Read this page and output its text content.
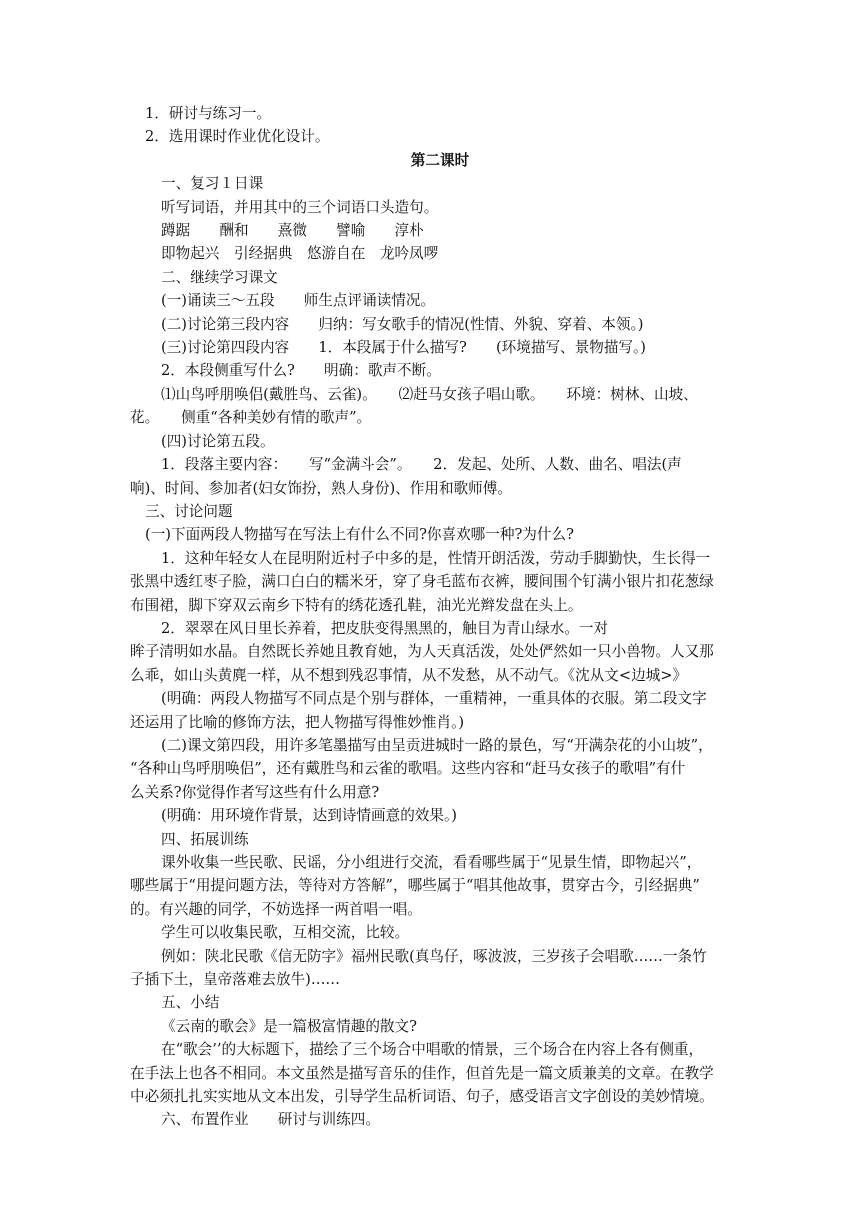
1．研讨与练习一。

2．选用课时作业优化设计。

第二课时

一、复习１日课

听写词语，并用其中的三个词语口头造句。

蹲踞　　酬和　　熹微　　譬喻　　淳朴

即物起兴　引经据典　悠游自在　龙吟凤啰

二、继续学习课文

(一)诵读三～五段　　师生点评诵读情况。

(二)讨论第三段内容　　归纳：写女歌手的情况(性情、外貌、穿着、本领。)

(三)讨论第四段内容　　1．本段属于什么描写?　　(环境描写、景物描写。)

2．本段侧重写什么?　　明确：歌声不断。

⑴山鸟呼朋唤侣(戴胜鸟、云雀)。　　⑵赶马女孩子唱山歌。　　环境：树林、山坡、

花。　　侧重“各种美妙有情的歌声”。

(四)讨论第五段。

1．段落主要内容：　　写“金满斗会”。　　2．发起、处所、人数、曲名、唱法(声

响)、时间、参加者(妇女饰扮，熟人身份)、作用和歌师傅。

三、讨论问题

(一)下面两段人物描写在写法上有什么不同?你喜欢哪一种?为什么?

1．这种年轻女人在昆明附近村子中多的是，性情开朗活泼，劳动手脚勤快，生长得一

张黑中透红枣子脸，满口白白的糯米牙，穿了身毛蓝布衣裤，腰间围个钉满小银片扣花葱绿

布围裙，脚下穿双云南乡下特有的绣花透孔鞋，油光光辫发盘在头上。

2．翠翠在风日里长养着，把皮肤变得黑黑的，触目为青山绿水。一对

眸子清明如水晶。自然既长养她且教育她，为人天真活泼，处处俨然如一只小兽物。人又那

么乖，如山头黄麂一样，从不想到残忍事情，从不发愁，从不动气。《沈从文<边城>》

(明确：两段人物描写不同点是个别与群体，一重精神，一重具体的衣服。第二段文字

还运用了比喻的修饰方法，把人物描写得惟妙惟肖。)

(二)课文第四段，用许多笔墨描写由呈贡进城时一路的景色，写“开满杂花的小山坡”，

“各种山鸟呼朋唤侣”，还有戴胜鸟和云雀的歌唱。这些内容和“赶马女孩子的歌唱”有什

么关系?你觉得作者写这些有什么用意?

(明确：用环境作背景，达到诗情画意的效果。)

四、拓展训练

课外收集一些民歌、民谣，分小组进行交流，看看哪些属于“见景生情，即物起兴”，

哪些属于“用提问题方法，等待对方答解”，哪些属于“唱其他故事，贯穿古今，引经据典”

的。有兴趣的同学，不妨选择一两首唱一唱。

学生可以收集民歌，互相交流，比较。

例如：陕北民歌《信无防字》福州民歌(真鸟仔，啄波波，三岁孩子会唱歌……一条竹

子插下土，皇帝落难去放牛)……

五、小结

《云南的歌会》是一篇极富情趣的散文?

在“歌会’’的大标题下，描绘了三个场合中唱歌的情景，三个场合在内容上各有侧重，

在手法上也各不相同。本文虽然是描写音乐的佳作，但首先是一篇文质兼美的文章。在教学

中必须扎扎实实地从文本出发，引导学生品析词语、句子，感受语言文字创设的美妙情境。

六、布置作业　　研讨与训练四。
